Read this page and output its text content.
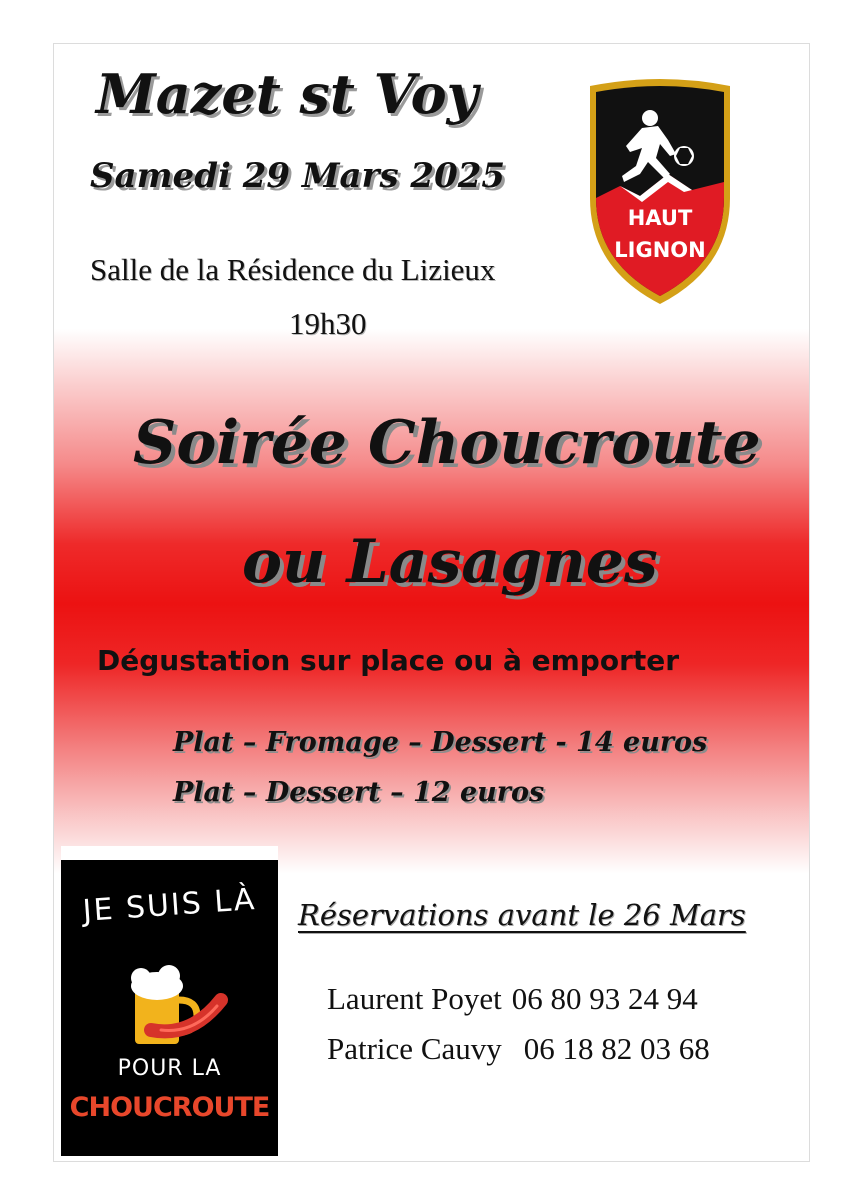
Mazet st Voy

Samedi 29 Mars 2025

Salle de la Résidence du Lizieux

19h30

HAUT

LIGNON

Soirée Choucroute
ou Lasagnes

Dégustation sur place ou à emporter

Plat – Fromage – Dessert - 14 euros

Plat – Dessert – 12 euros

JE SUIS LÀ

POUR LA

CHOUCROUTE

Réservations avant le 26 Mars

Laurent Poyet 06 80 93 24 94

Patrice Cauvy 06 18 82 03 68
